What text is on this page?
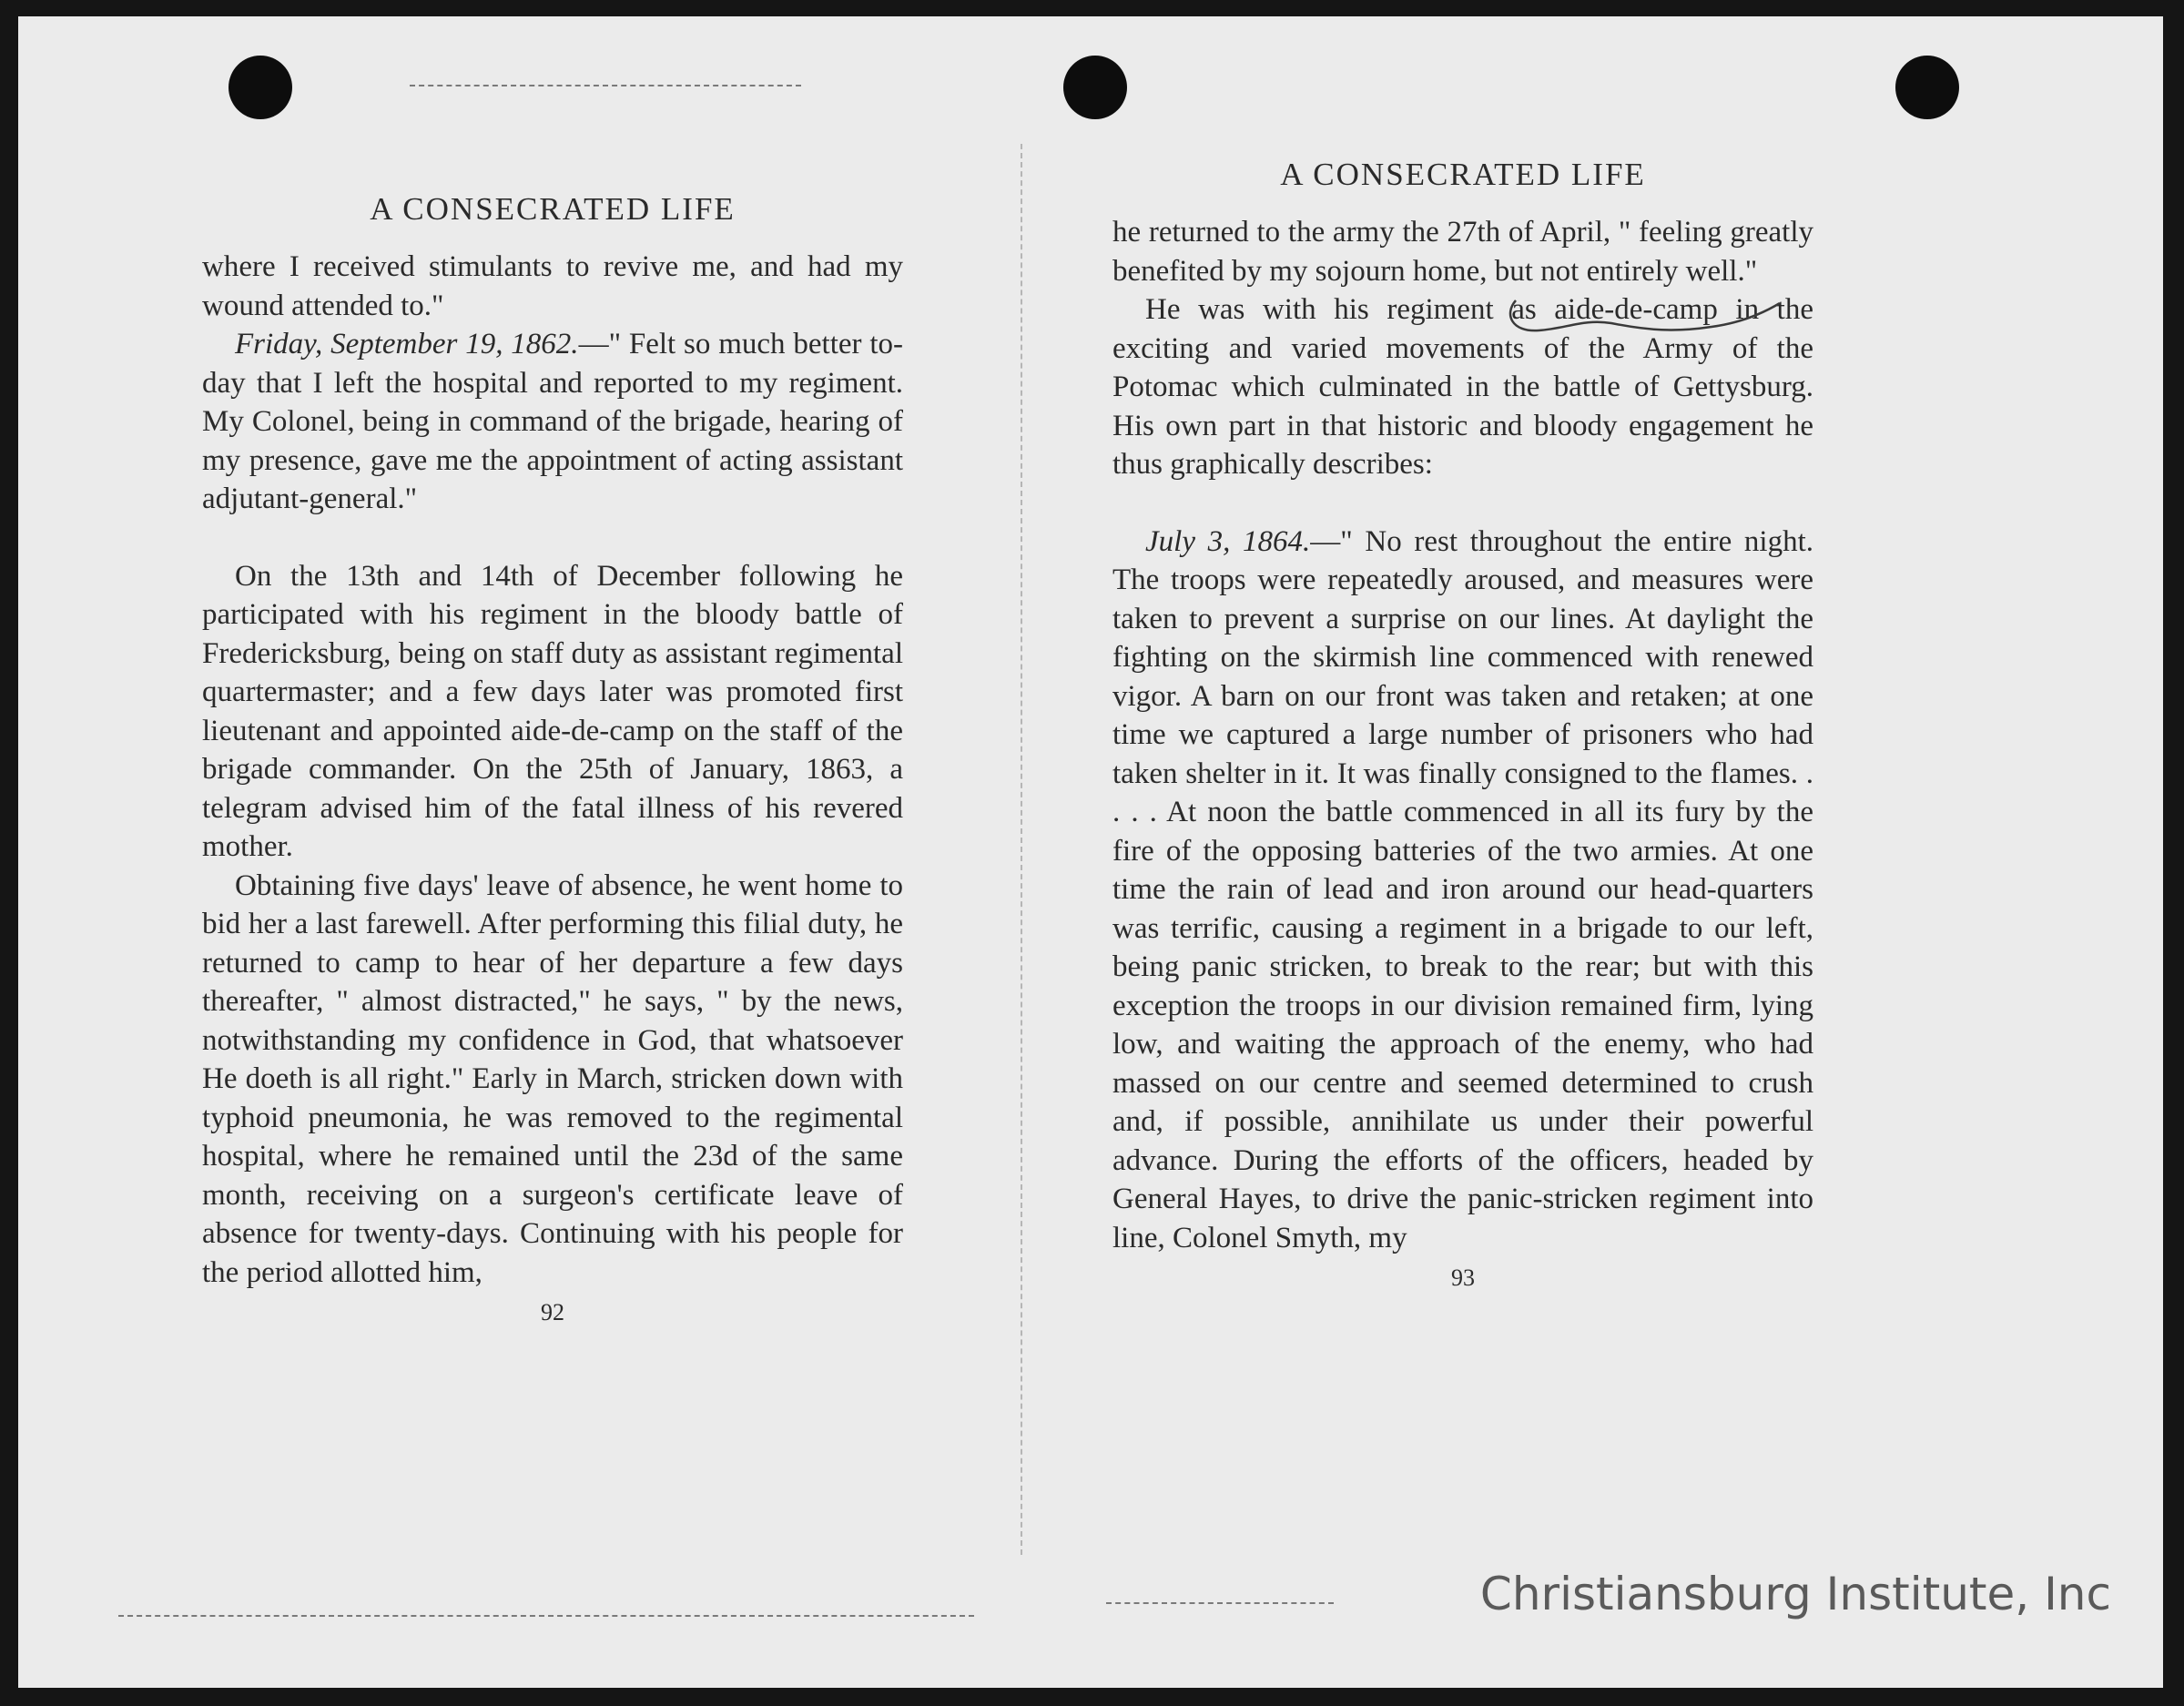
A CONSECRATED LIFE

where I received stimulants to revive me, and had my wound attended to."

Friday, September 19, 1862.—" Felt so much better to-day that I left the hospital and reported to my regiment. My Colonel, being in command of the brigade, hearing of my presence, gave me the appointment of acting assistant adjutant-general."

On the 13th and 14th of December following he participated with his regiment in the bloody battle of Fredericksburg, being on staff duty as assistant regimental quartermaster; and a few days later was promoted first lieutenant and appointed aide-de-camp on the staff of the brigade commander. On the 25th of January, 1863, a telegram advised him of the fatal illness of his revered mother.

Obtaining five days' leave of absence, he went home to bid her a last farewell. After performing this filial duty, he returned to camp to hear of her departure a few days thereafter, " almost distracted," he says, " by the news, notwithstanding my confidence in God, that whatsoever He doeth is all right." Early in March, stricken down with typhoid pneumonia, he was removed to the regimental hospital, where he remained until the 23d of the same month, receiving on a surgeon's certificate leave of absence for twenty-days. Continuing with his people for the period allotted him,

92
A CONSECRATED LIFE

he returned to the army the 27th of April, " feeling greatly benefited by my sojourn home, but not entirely well."

He was with his regiment as aide-de-camp in the exciting and varied movements of the Army of the Potomac which culminated in the battle of Gettysburg. His own part in that historic and bloody engagement he thus graphically describes:

July 3, 1864.—" No rest throughout the entire night. The troops were repeatedly aroused, and measures were taken to prevent a surprise on our lines. At daylight the fighting on the skirmish line commenced with renewed vigor. A barn on our front was taken and retaken; at one time we captured a large number of prisoners who had taken shelter in it. It was finally consigned to the flames. . . . . At noon the battle commenced in all its fury by the fire of the opposing batteries of the two armies. At one time the rain of lead and iron around our head-quarters was terrific, causing a regiment in a brigade to our left, being panic stricken, to break to the rear; but with this exception the troops in our division remained firm, lying low, and waiting the approach of the enemy, who had massed on our centre and seemed determined to crush and, if possible, annihilate us under their powerful advance. During the efforts of the officers, headed by General Hayes, to drive the panic-stricken regiment into line, Colonel Smyth, my

93
Christiansburg Institute, Inc
